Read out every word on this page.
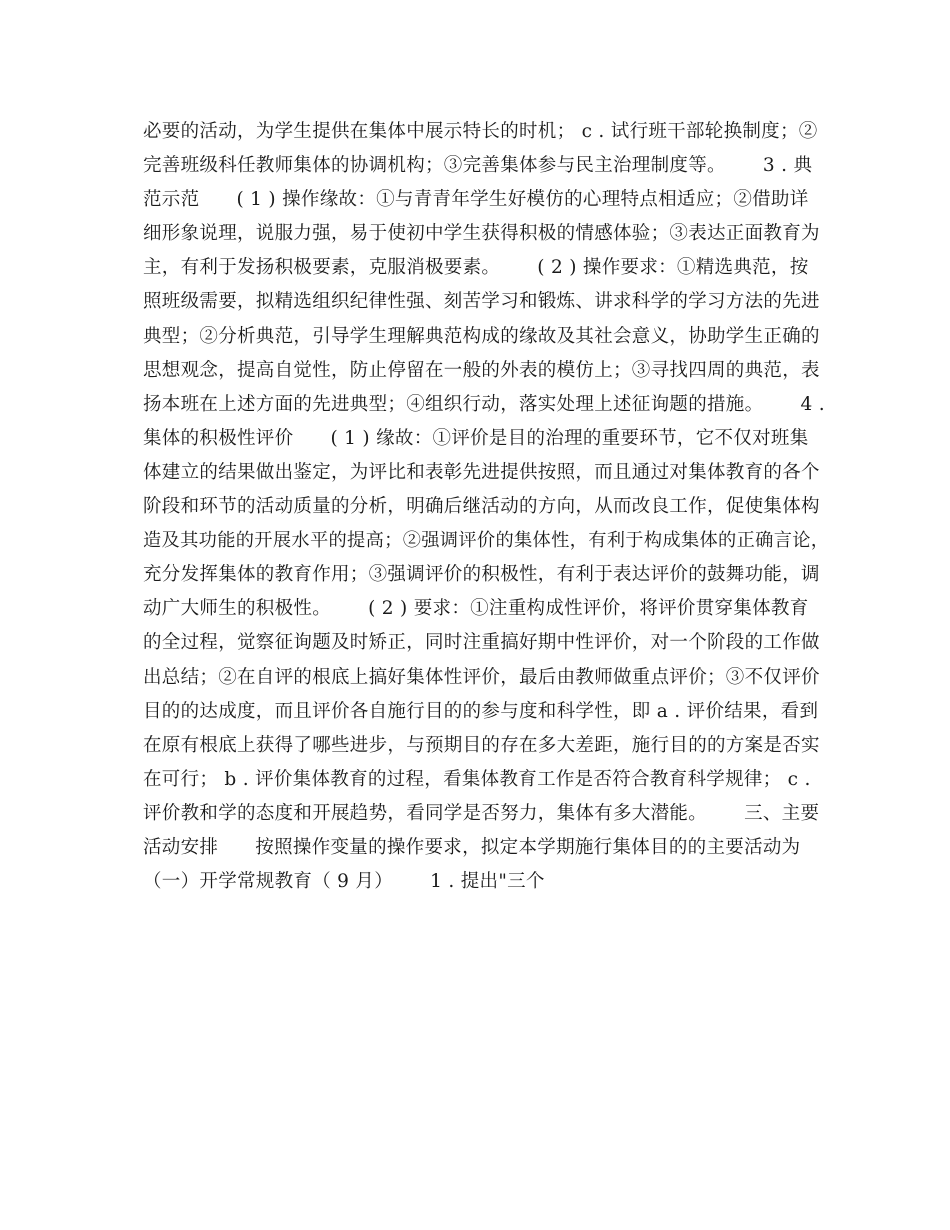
必要的活动，为学生提供在集体中展示特长的时机； c . 试行班干部轮换制度；②
完善班级科任教师集体的协调机构；③完善集体参与民主治理制度等。      3 . 典
范示范      ( 1 ) 操作缘故：①与青青年学生好模仿的心理特点相适应；②借助详
细形象说理，说服力强，易于使初中学生获得积极的情感体验；③表达正面教育为
主，有利于发扬积极要素，克服消极要素。      ( 2 ) 操作要求：①精选典范，按
照班级需要，拟精选组织纪律性强、刻苦学习和锻炼、讲求科学的学习方法的先进
典型；②分析典范，引导学生理解典范构成的缘故及其社会意义，协助学生正确的
思想观念，提高自觉性，防止停留在一般的外表的模仿上；③寻找四周的典范，表
扬本班在上述方面的先进典型；④组织行动，落实处理上述征询题的措施。      4 .
集体的积极性评价      ( 1 ) 缘故：①评价是目的治理的重要环节，它不仅对班集
体建立的结果做出鉴定，为评比和表彰先进提供按照，而且通过对集体教育的各个
阶段和环节的活动质量的分析，明确后继活动的方向，从而改良工作，促使集体构
造及其功能的开展水平的提高；②强调评价的集体性，有利于构成集体的正确言论，
充分发挥集体的教育作用；③强调评价的积极性，有利于表达评价的鼓舞功能，调
动广大师生的积极性。      ( 2 ) 要求：①注重构成性评价，将评价贯穿集体教育
的全过程，觉察征询题及时矫正，同时注重搞好期中性评价，对一个阶段的工作做
出总结；②在自评的根底上搞好集体性评价，最后由教师做重点评价；③不仅评价
目的的达成度，而且评价各自施行目的的参与度和科学性，即 a . 评价结果，看到
在原有根底上获得了哪些进步，与预期目的存在多大差距，施行目的的方案是否实
在可行； b . 评价集体教育的过程，看集体教育工作是否符合教育科学规律； c .
评价教和学的态度和开展趋势，看同学是否努力，集体有多大潜能。      三、主要
活动安排      按照操作变量的操作要求，拟定本学期施行集体目的的主要活动为
（一）开学常规教育（ 9 月）      1 . 提出"三个
